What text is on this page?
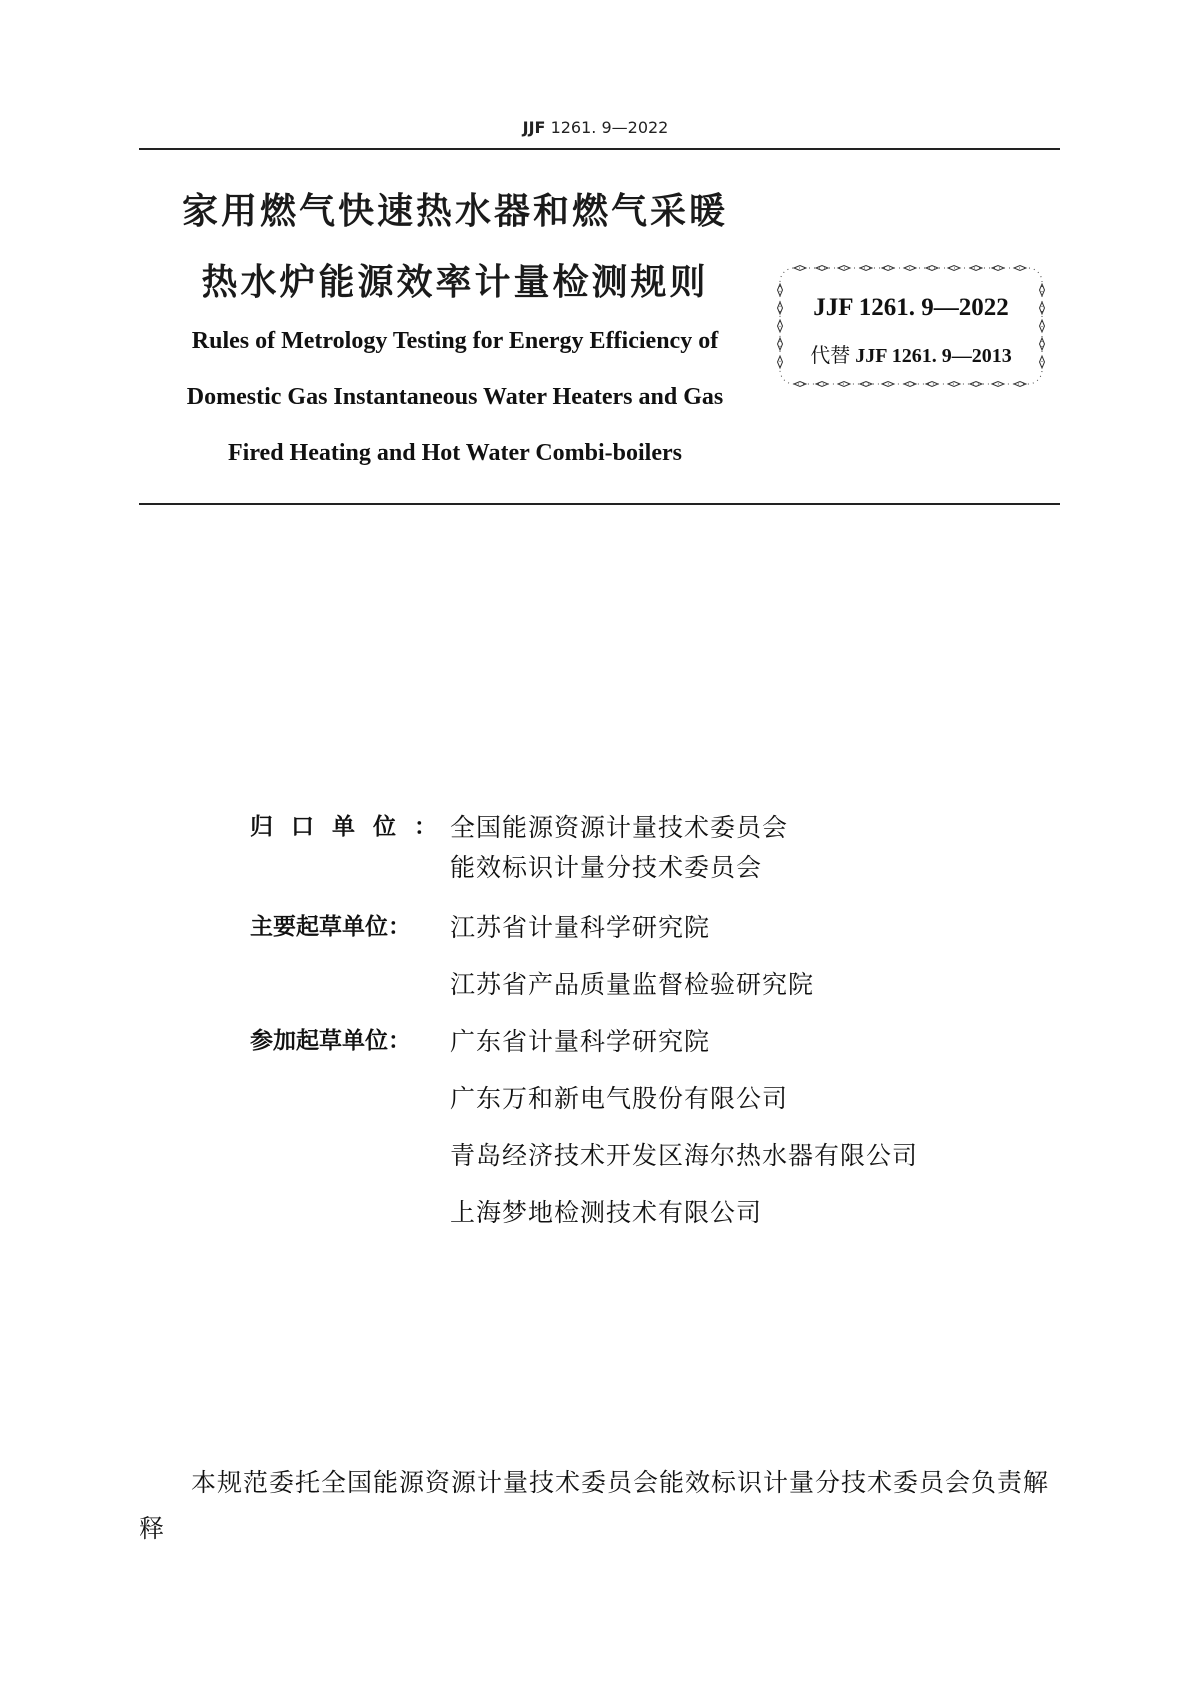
JJF 1261. 9—2022
家用燃气快速热水器和燃气采暖
热水炉能源效率计量检测规则
Rules of Metrology Testing for Energy Efficiency of
Domestic Gas Instantaneous Water Heaters and Gas
Fired Heating and Hot Water Combi-boilers
JJF 1261. 9—2022
代替 JJF 1261. 9—2013
归口单位：
全国能源资源计量技术委员会
能效标识计量分技术委员会
主要起草单位：	江苏省计量科学研究院
江苏省产品质量监督检验研究院
参加起草单位：	广东省计量科学研究院
广东万和新电气股份有限公司
青岛经济技术开发区海尔热水器有限公司
上海梦地检测技术有限公司
本规范委托全国能源资源计量技术委员会能效标识计量分技术委员会负责解释
